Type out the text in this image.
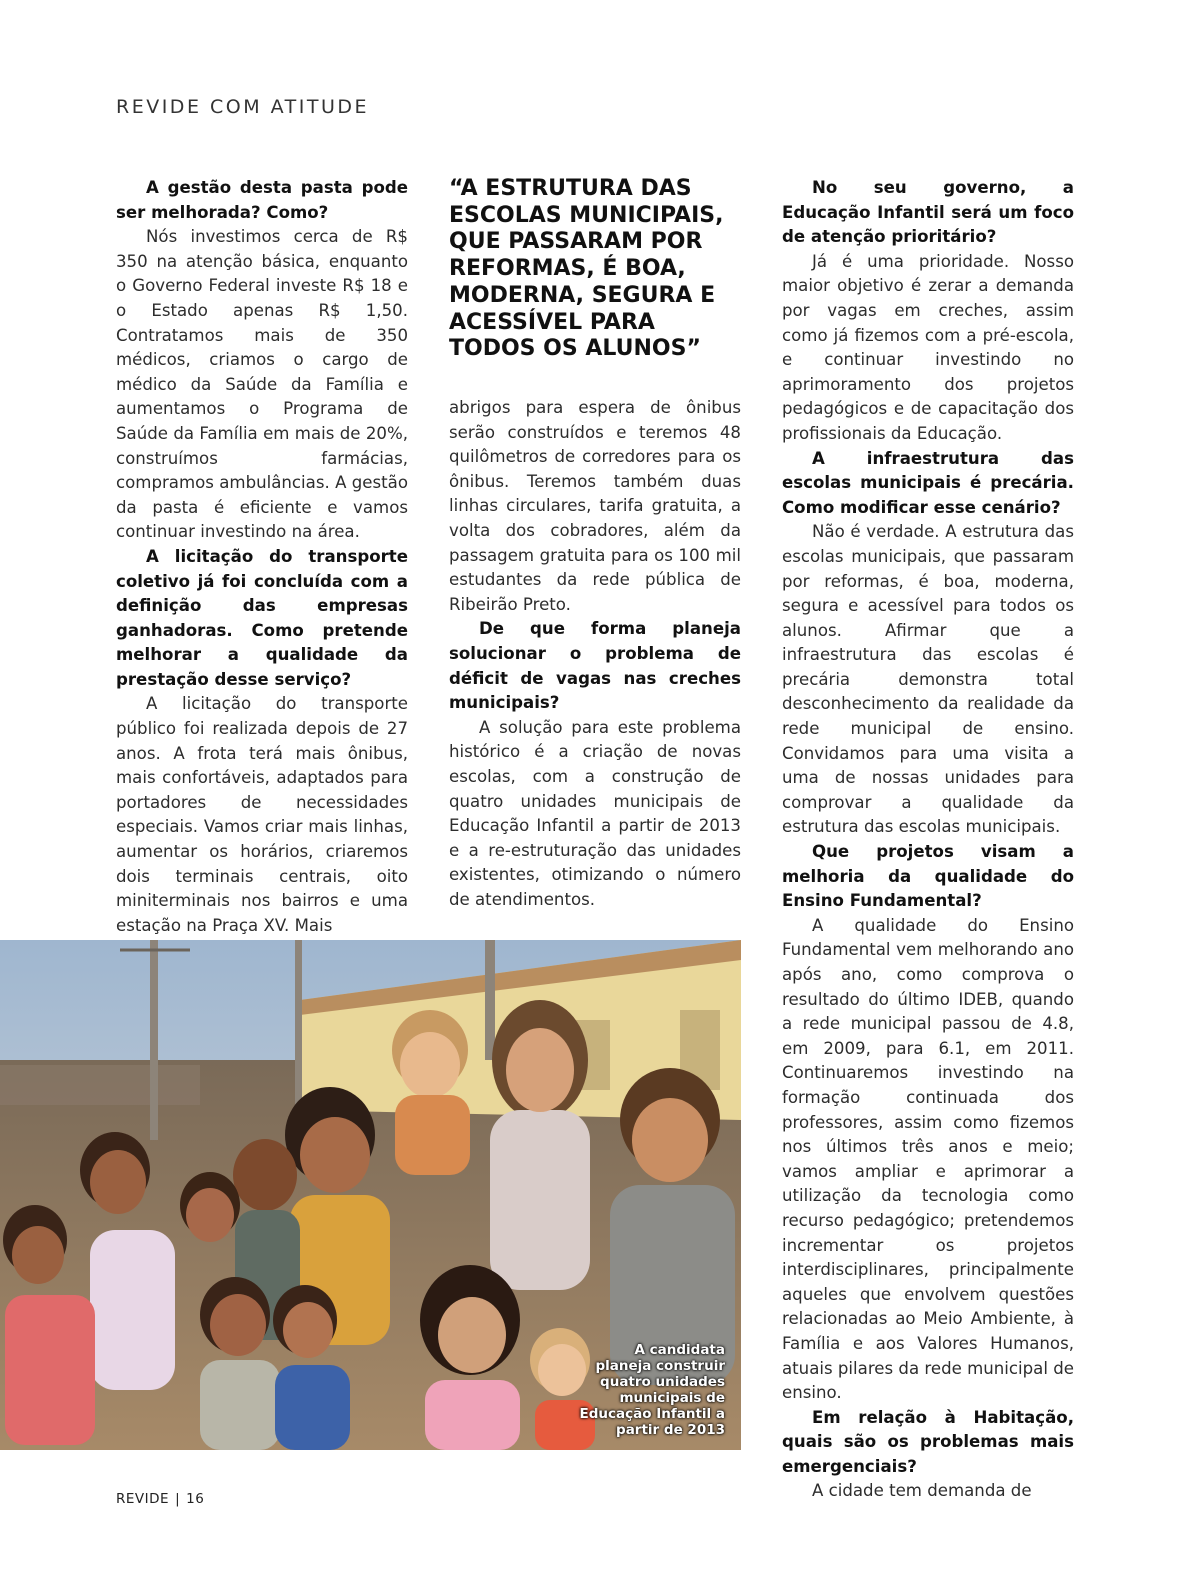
REVIDE COM ATITUDE

A gestão desta pasta pode ser melhorada? Como?

Nós investimos cerca de R$ 350 na atenção básica, enquanto o Governo Federal investe R$ 18 e o Estado apenas R$ 1,50. Contratamos mais de 350 médicos, criamos o cargo de médico da Saúde da Família e aumentamos o Programa de Saúde da Família em mais de 20%, construímos farmácias, compramos ambulâncias. A gestão da pasta é eficiente e vamos continuar investindo na área.

A licitação do transporte coletivo já foi concluída com a definição das empresas ganhadoras. Como pretende melhorar a qualidade da prestação desse serviço?

A licitação do transporte público foi realizada depois de 27 anos. A frota terá mais ônibus, mais confortáveis, adaptados para portadores de necessidades especiais. Vamos criar mais linhas, aumentar os horários, criaremos dois terminais centrais, oito miniterminais nos bairros e uma estação na Praça XV. Mais

“A ESTRUTURA DAS ESCOLAS MUNICIPAIS, QUE PASSARAM POR REFORMAS, É BOA, MODERNA, SEGURA E ACESSÍVEL PARA TODOS OS ALUNOS”

abrigos para espera de ônibus serão construídos e teremos 48 quilômetros de corredores para os ônibus. Teremos também duas linhas circulares, tarifa gratuita, a volta dos cobradores, além da passagem gratuita para os 100 mil estudantes da rede pública de Ribeirão Preto.

De que forma planeja solucionar o problema de déficit de vagas nas creches municipais?

A solução para este problema histórico é a criação de novas escolas, com a construção de quatro unidades municipais de Educação Infantil a partir de 2013 e a re-estruturação das unidades existentes, otimizando o número de atendimentos.

No seu governo, a Educação Infantil será um foco de atenção prioritário?

Já é uma prioridade. Nosso maior objetivo é zerar a demanda por vagas em creches, assim como já fizemos com a pré-escola, e continuar investindo no aprimoramento dos projetos pedagógicos e de capacitação dos profissionais da Educação.

A infraestrutura das escolas municipais é precária. Como modificar esse cenário?

Não é verdade. A estrutura das escolas municipais, que passaram por reformas, é boa, moderna, segura e acessível para todos os alunos. Afirmar que a infraestrutura das escolas é precária demonstra total desconhecimento da realidade da rede municipal de ensino. Convidamos para uma visita a uma de nossas unidades para comprovar a qualidade da estrutura das escolas municipais.

Que projetos visam a melhoria da qualidade do Ensino Fundamental?

A qualidade do Ensino Fundamental vem melhorando ano após ano, como comprova o resultado do último IDEB, quando a rede municipal passou de 4.8, em 2009, para 6.1, em 2011. Continuaremos investindo na formação continuada dos professores, assim como fizemos nos últimos três anos e meio; vamos ampliar e aprimorar a utilização da tecnologia como recurso pedagógico; pretendemos incrementar os projetos interdisciplinares, principalmente aqueles que envolvem questões relacionadas ao Meio Ambiente, à Família e aos Valores Humanos, atuais pilares da rede municipal de ensino.

Em relação à Habitação, quais são os problemas mais emergenciais?

A cidade tem demanda de

A candidata planeja construir quatro unidades municipais de Educação Infantil a partir de 2013
REVIDE | 16
